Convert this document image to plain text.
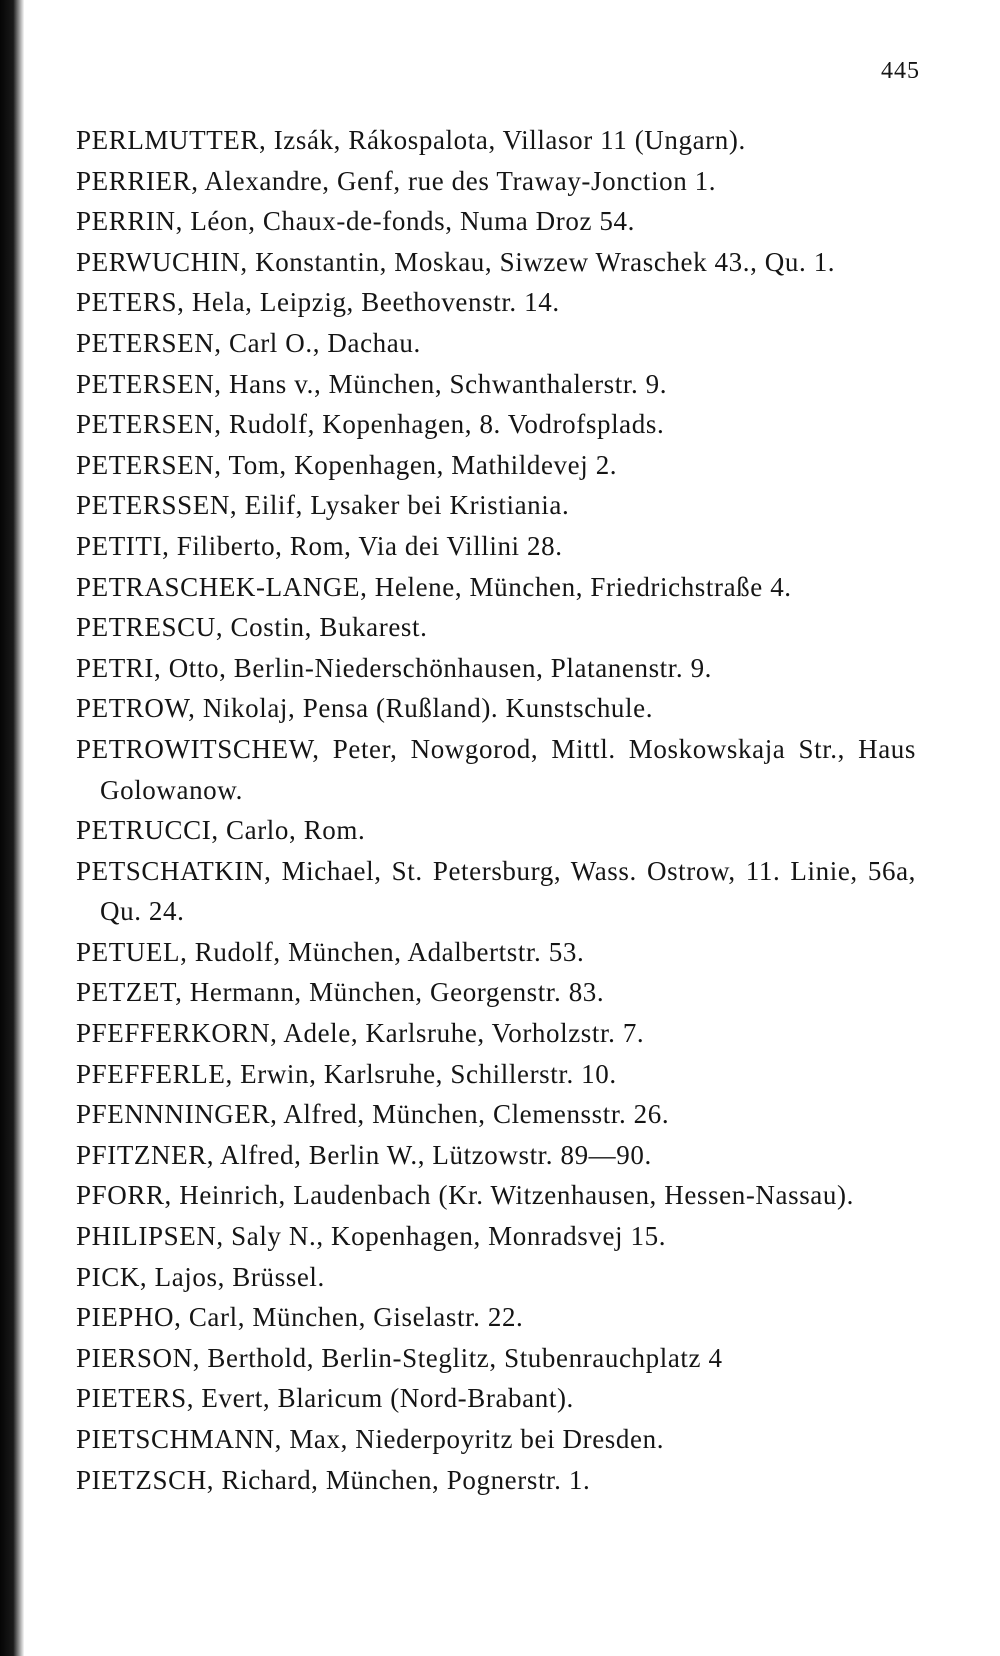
445
PERLMUTTER, Izsák, Rákospalota, Villasor 11 (Ungarn).
PERRIER, Alexandre, Genf, rue des Traway-Jonction 1.
PERRIN, Léon, Chaux-de-fonds, Numa Droz 54.
PERWUCHIN, Konstantin, Moskau, Siwzew Wraschek 43., Qu. 1.
PETERS, Hela, Leipzig, Beethovenstr. 14.
PETERSEN, Carl O., Dachau.
PETERSEN, Hans v., München, Schwanthalerstr. 9.
PETERSEN, Rudolf, Kopenhagen, 8. Vodrofsplads.
PETERSEN, Tom, Kopenhagen, Mathildevej 2.
PETERSSEN, Eilif, Lysaker bei Kristiania.
PETITI, Filiberto, Rom, Via dei Villini 28.
PETRASCHEK-LANGE, Helene, München, Friedrichstraße 4.
PETRESCU, Costin, Bukarest.
PETRI, Otto, Berlin-Niederschönhausen, Platanenstr. 9.
PETROW, Nikolaj, Pensa (Rußland). Kunstschule.
PETROWITSCHEW, Peter, Nowgorod, Mittl. Moskowskaja Str., Haus Golowanow.
PETRUCCI, Carlo, Rom.
PETSCHATKIN, Michael, St. Petersburg, Wass. Ostrow, 11. Linie, 56a, Qu. 24.
PETUEL, Rudolf, München, Adalbertstr. 53.
PETZET, Hermann, München, Georgenstr. 83.
PFEFFERKORN, Adele, Karlsruhe, Vorholzstr. 7.
PFEFFERLE, Erwin, Karlsruhe, Schillerstr. 10.
PFENNNINGER, Alfred, München, Clemensstr. 26.
PFITZNER, Alfred, Berlin W., Lützowstr. 89—90.
PFORR, Heinrich, Laudenbach (Kr. Witzenhausen, Hessen-Nassau).
PHILIPSEN, Saly N., Kopenhagen, Monradsvej 15.
PICK, Lajos, Brüssel.
PIEPHO, Carl, München, Giselastr. 22.
PIERSON, Berthold, Berlin-Steglitz, Stubenrauchplatz 4
PIETERS, Evert, Blaricum (Nord-Brabant).
PIETSCHMANN, Max, Niederpoyritz bei Dresden.
PIETZSCH, Richard, München, Pognerstr. 1.
